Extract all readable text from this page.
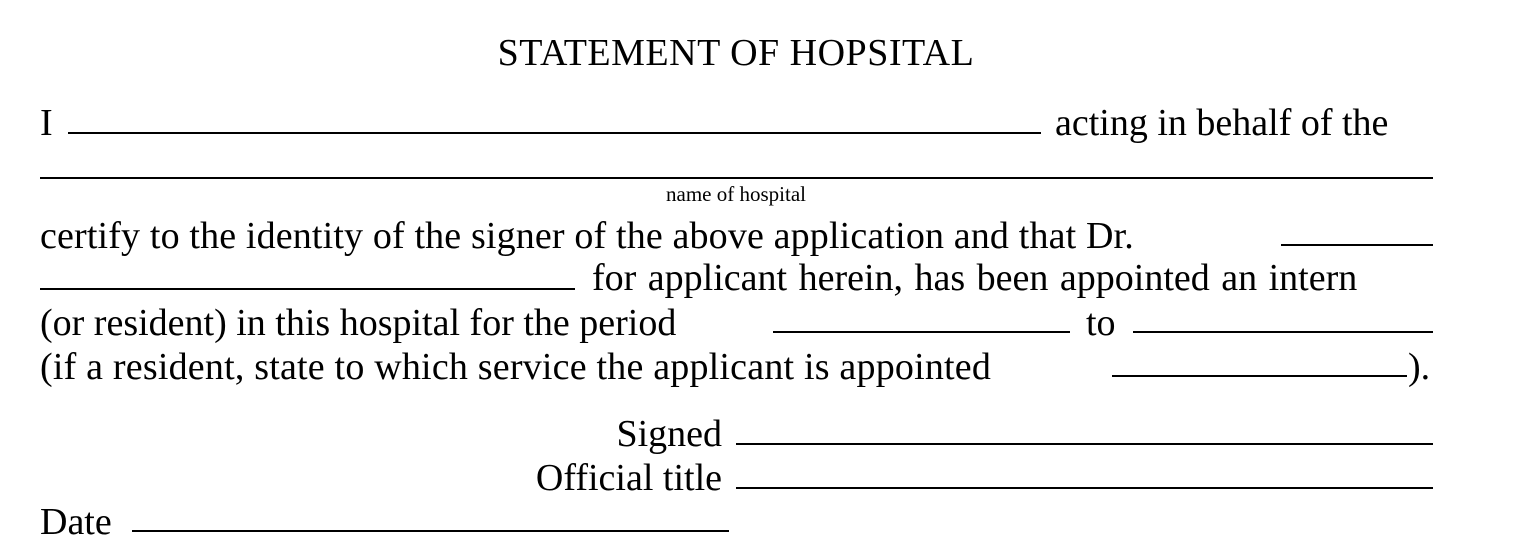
STATEMENT OF HOPSITAL
I	acting in behalf of the
name of hospital
certify to the identity of the signer of the above application and that Dr.
for applicant herein, has been appointed an intern
(or resident) in this hospital for the period	to
(if a resident, state to which service the applicant is appointed	).
Signed
Official title
Date
